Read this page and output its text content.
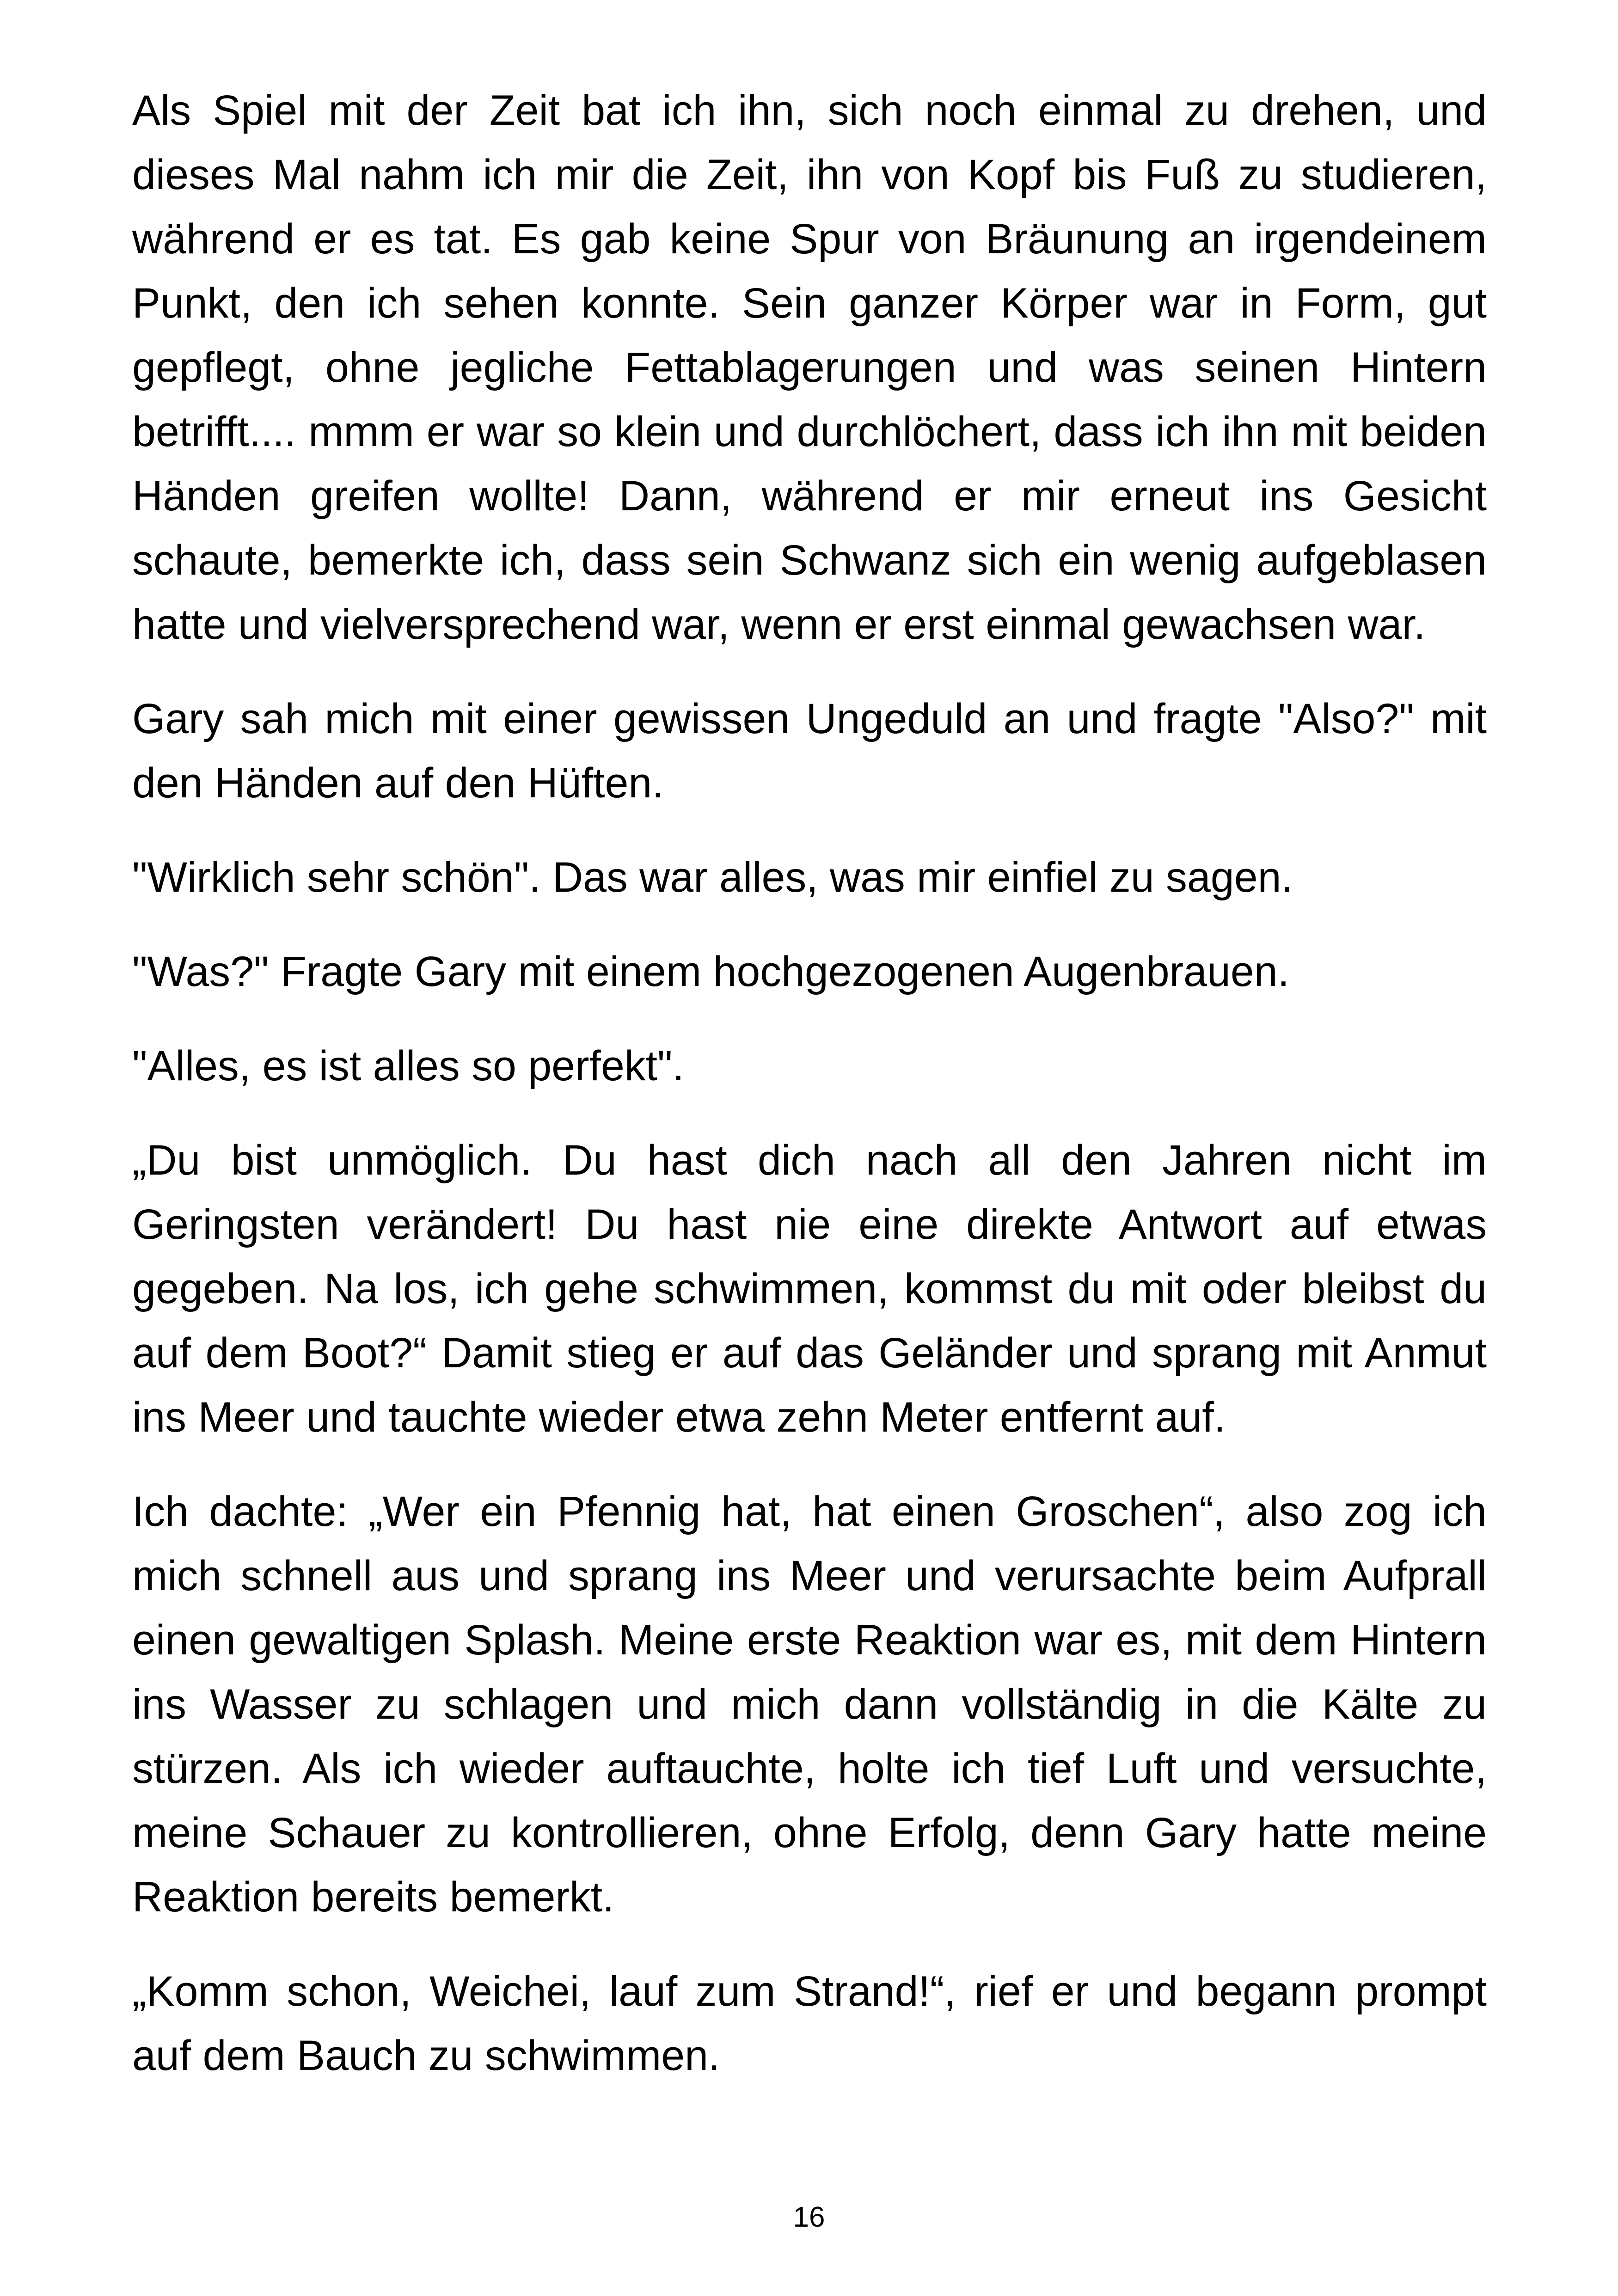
Als Spiel mit der Zeit bat ich ihn, sich noch einmal zu drehen, und dieses Mal nahm ich mir die Zeit, ihn von Kopf bis Fuß zu studieren, während er es tat. Es gab keine Spur von Bräunung an irgendeinem Punkt, den ich sehen konnte. Sein ganzer Körper war in Form, gut gepflegt, ohne jegliche Fettablagerungen und was seinen Hintern betrifft.... mmm er war so klein und durchlöchert, dass ich ihn mit beiden Händen greifen wollte! Dann, während er mir erneut ins Gesicht schaute, bemerkte ich, dass sein Schwanz sich ein wenig aufgeblasen hatte und vielversprechend war, wenn er erst einmal gewachsen war.

Gary sah mich mit einer gewissen Ungeduld an und fragte "Also?" mit den Händen auf den Hüften.

"Wirklich sehr schön". Das war alles, was mir einfiel zu sagen.

"Was?" Fragte Gary mit einem hochgezogenen Augenbrauen.

"Alles, es ist alles so perfekt".

„Du bist unmöglich. Du hast dich nach all den Jahren nicht im Geringsten verändert! Du hast nie eine direkte Antwort auf etwas gegeben. Na los, ich gehe schwimmen, kommst du mit oder bleibst du auf dem Boot?“ Damit stieg er auf das Geländer und sprang mit Anmut ins Meer und tauchte wieder etwa zehn Meter entfernt auf.

Ich dachte: „Wer ein Pfennig hat, hat einen Groschen“, also zog ich mich schnell aus und sprang ins Meer und verursachte beim Aufprall einen gewaltigen Splash. Meine erste Reaktion war es, mit dem Hintern ins Wasser zu schlagen und mich dann vollständig in die Kälte zu stürzen. Als ich wieder auftauchte, holte ich tief Luft und versuchte, meine Schauer zu kontrollieren, ohne Erfolg, denn Gary hatte meine Reaktion bereits bemerkt.

„Komm schon, Weichei, lauf zum Strand!“, rief er und begann prompt auf dem Bauch zu schwimmen.

16
